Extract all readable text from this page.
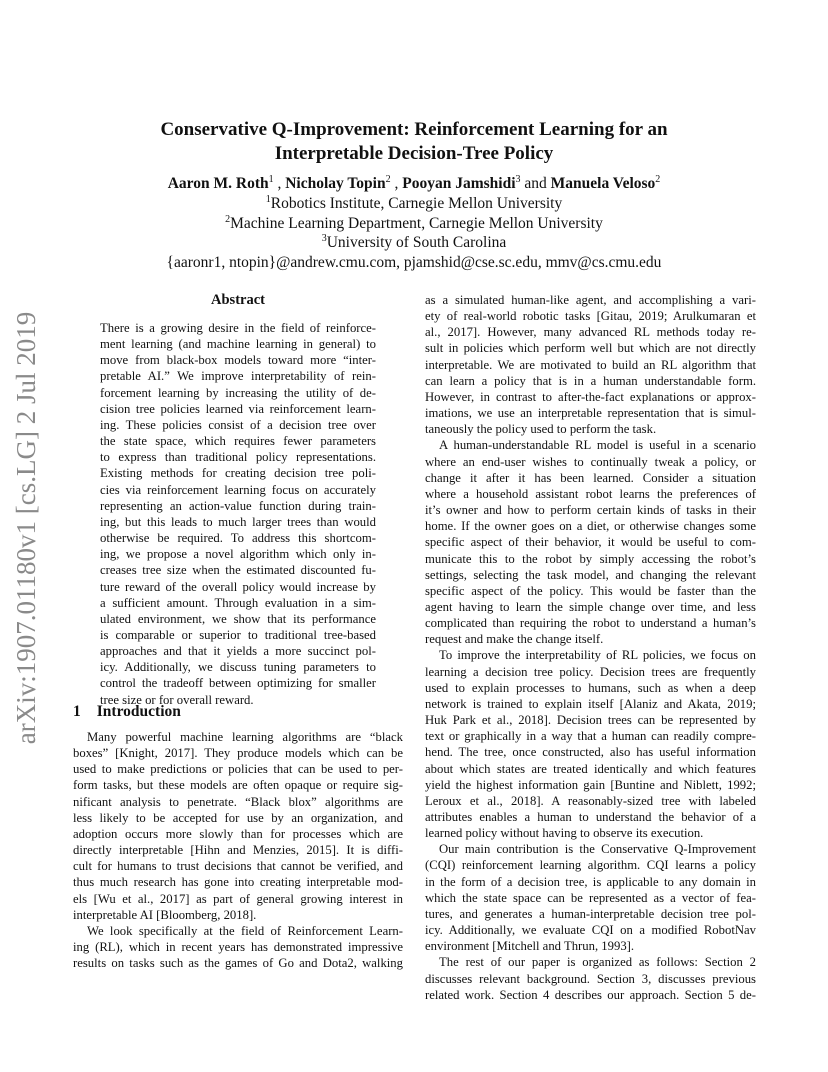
Conservative Q-Improvement: Reinforcement Learning for an
Interpretable Decision-Tree Policy
Aaron M. Roth$^1$ , Nicholay Topin$^2$ , Pooyan Jamshidi$^3$ and Manuela Veloso$^2$
$^1$Robotics Institute, Carnegie Mellon University
$^2$Machine Learning Department, Carnegie Mellon University
$^3$University of South Carolina
{aaronr1, ntopin}@andrew.cmu.com, pjamshid@cse.sc.edu, mmv@cs.cmu.edu
arXiv:1907.01180v1 [cs.LG] 2 Jul 2019
Abstract
There is a growing desire in the field of reinforce-
ment learning (and machine learning in general) to
move from black-box models toward more “inter-
pretable AI.” We improve interpretability of rein-
forcement learning by increasing the utility of de-
cision tree policies learned via reinforcement learn-
ing. These policies consist of a decision tree over
the state space, which requires fewer parameters
to express than traditional policy representations.
Existing methods for creating decision tree poli-
cies via reinforcement learning focus on accurately
representing an action-value function during train-
ing, but this leads to much larger trees than would
otherwise be required. To address this shortcom-
ing, we propose a novel algorithm which only in-
creases tree size when the estimated discounted fu-
ture reward of the overall policy would increase by
a sufficient amount. Through evaluation in a sim-
ulated environment, we show that its performance
is comparable or superior to traditional tree-based
approaches and that it yields a more succinct pol-
icy. Additionally, we discuss tuning parameters to
control the tradeoff between optimizing for smaller
tree size or for overall reward.
1 Introduction
Many powerful machine learning algorithms are “black
boxes” [Knight, 2017]. They produce models which can be
used to make predictions or policies that can be used to per-
form tasks, but these models are often opaque or require sig-
nificant analysis to penetrate. “Black blox” algorithms are
less likely to be accepted for use by an organization, and
adoption occurs more slowly than for processes which are
directly interpretable [Hihn and Menzies, 2015]. It is diffi-
cult for humans to trust decisions that cannot be verified, and
thus much research has gone into creating interpretable mod-
els [Wu et al., 2017] as part of general growing interest in
interpretable AI [Bloomberg, 2018].
We look specifically at the field of Reinforcement Learn-
ing (RL), which in recent years has demonstrated impressive
results on tasks such as the games of Go and Dota2, walking
as a simulated human-like agent, and accomplishing a vari-
ety of real-world robotic tasks [Gitau, 2019; Arulkumaran et
al., 2017]. However, many advanced RL methods today re-
sult in policies which perform well but which are not directly
interpretable. We are motivated to build an RL algorithm that
can learn a policy that is in a human understandable form.
However, in contrast to after-the-fact explanations or approx-
imations, we use an interpretable representation that is simul-
taneously the policy used to perform the task.
A human-understandable RL model is useful in a scenario
where an end-user wishes to continually tweak a policy, or
change it after it has been learned. Consider a situation
where a household assistant robot learns the preferences of
it’s owner and how to perform certain kinds of tasks in their
home. If the owner goes on a diet, or otherwise changes some
specific aspect of their behavior, it would be useful to com-
municate this to the robot by simply accessing the robot’s
settings, selecting the task model, and changing the relevant
specific aspect of the policy. This would be faster than the
agent having to learn the simple change over time, and less
complicated than requiring the robot to understand a human’s
request and make the change itself.
To improve the interpretability of RL policies, we focus on
learning a decision tree policy. Decision trees are frequently
used to explain processes to humans, such as when a deep
network is trained to explain itself [Alaniz and Akata, 2019;
Huk Park et al., 2018]. Decision trees can be represented by
text or graphically in a way that a human can readily compre-
hend. The tree, once constructed, also has useful information
about which states are treated identically and which features
yield the highest information gain [Buntine and Niblett, 1992;
Leroux et al., 2018]. A reasonably-sized tree with labeled
attributes enables a human to understand the behavior of a
learned policy without having to observe its execution.
Our main contribution is the Conservative Q-Improvement
(CQI) reinforcement learning algorithm. CQI learns a policy
in the form of a decision tree, is applicable to any domain in
which the state space can be represented as a vector of fea-
tures, and generates a human-interpretable decision tree pol-
icy. Additionally, we evaluate CQI on a modified RobotNav
environment [Mitchell and Thrun, 1993].
The rest of our paper is organized as follows: Section 2
discusses relevant background. Section 3, discusses previous
related work. Section 4 describes our approach. Section 5 de-
